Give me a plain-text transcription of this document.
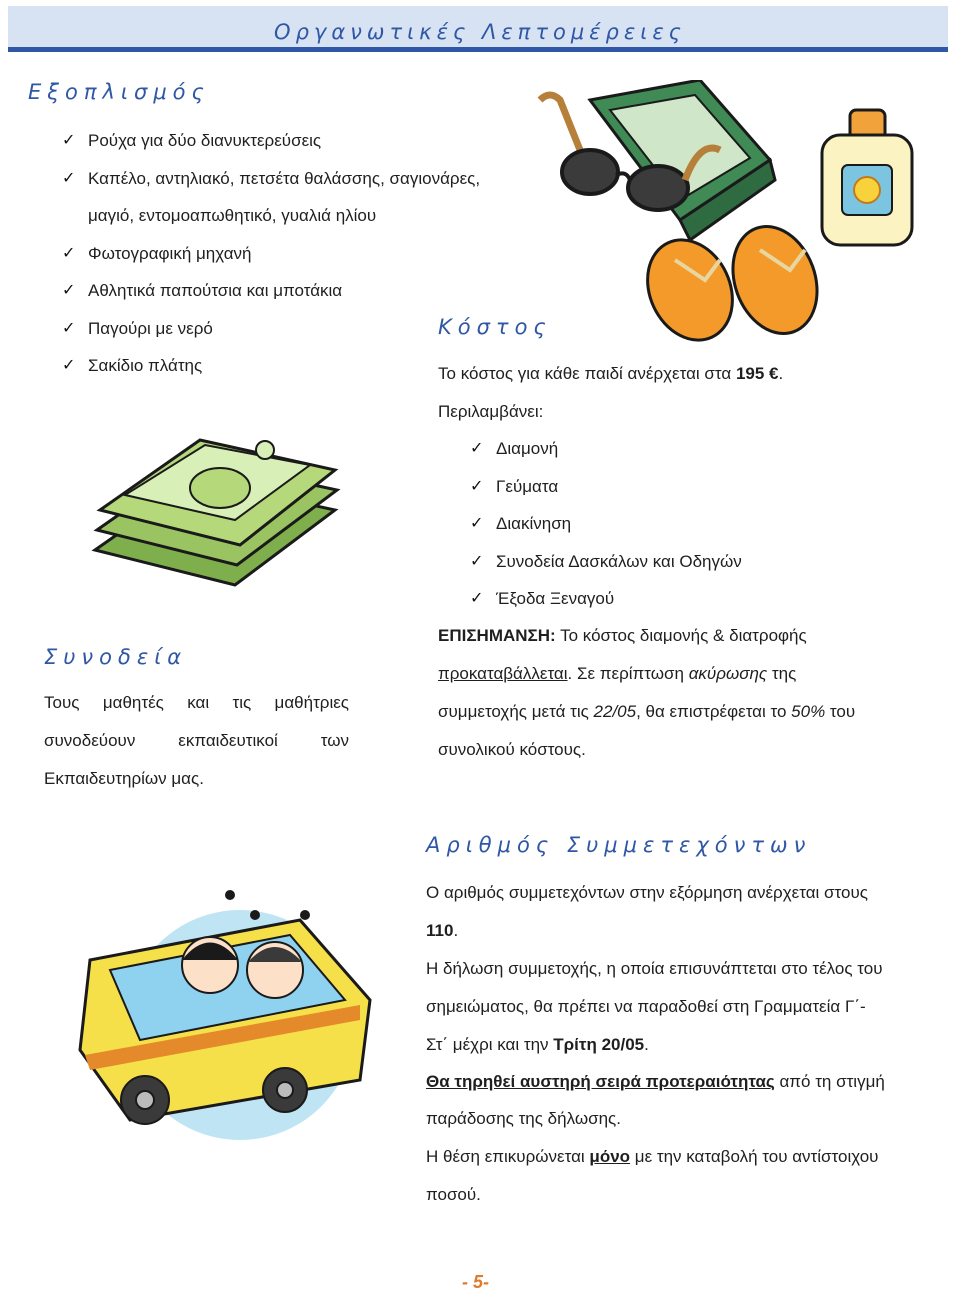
Οργανωτικές Λεπτομέρειες
Εξοπλισμός
✓ Ρούχα για δύο διανυκτερεύσεις
✓ Καπέλο, αντηλιακό, πετσέτα θαλάσσης, σαγιονάρες,
μαγιό, εντομοαπωθητικό, γυαλιά ηλίου
✓ Φωτογραφική μηχανή
✓ Αθλητικά παπούτσια και μποτάκια
✓ Παγούρι με νερό
✓ Σακίδιο πλάτης
Κόστος
Το κόστος για κάθε παιδί ανέρχεται στα 195 €.
Περιλαμβάνει:
✓ Διαμονή
✓ Γεύματα
✓ Διακίνηση
✓ Συνοδεία Δασκάλων και Οδηγών
✓ Έξοδα Ξεναγού
ΕΠΙΣΗΜΑΝΣΗ: Το κόστος διαμονής & διατροφής
προκαταβάλλεται. Σε περίπτωση ακύρωσης της
συμμετοχής μετά τις 22/05, θα επιστρέφεται το 50% του
συνολικού κόστους.
Συνοδεία
Τους μαθητές και τις μαθήτριες
συνοδεύουν	εκπαιδευτικοί	των
Εκπαιδευτηρίων μας.
Αριθμός Συμμετεχόντων
Ο αριθμός συμμετεχόντων στην εξόρμηση ανέρχεται στους
110.
Η δήλωση συμμετοχής, η οποία επισυνάπτεται στο τέλος του
σημειώματος, θα πρέπει να παραδοθεί στη Γραμματεία Γ΄-
Στ΄ μέχρι και την Τρίτη 20/05.
Θα τηρηθεί αυστηρή σειρά προτεραιότητας από τη στιγμή
παράδοσης της δήλωσης.
Η θέση επικυρώνεται μόνο με την καταβολή του αντίστοιχου
ποσού.
- 5-
